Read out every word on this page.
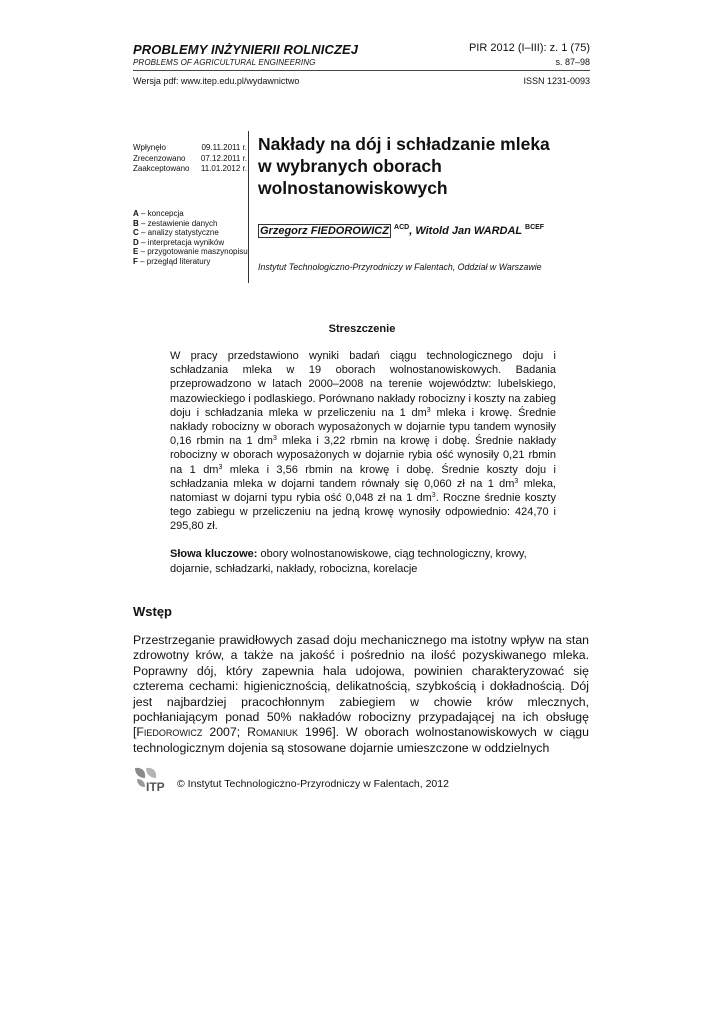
PROBLEMY INŻYNIERII ROLNICZEJ
PROBLEMS OF AGRICULTURAL ENGINEERING
PIR 2012 (I–III): z. 1 (75)
s. 87–98
Wersja pdf: www.itep.edu.pl/wydawnictwo	ISSN 1231-0093
Wpłynęło	09.11.2011 r.
Zrecenzowano 07.12.2011 r.
Zaakceptowano 11.01.2012 r.
A – koncepcja
B – zestawienie danych
C – analizy statystyczne
D – interpretacja wyników
E – przygotowanie maszynopisu
F – przegląd literatury
Nakłady na dój i schładzanie mleka
w wybranych oborach
wolnostanowiskowych
Grzegorz FIEDOROWICZ $^{ACD}$, Witold Jan WARDAL $^{BCEF}$
Instytut Technologiczno-Przyrodniczy w Falentach, Oddział w Warszawie
Streszczenie

W pracy przedstawiono wyniki badań ciągu technologicznego doju i schładzania mleka w 19 oborach wolnostanowiskowych. Badania przeprowadzono w latach 2000–2008 na terenie województw: lubelskiego, mazowieckiego i podlaskiego. Porównano nakłady robocizny i koszty na zabieg doju i schładzania mleka w przeliczeniu na 1 $dm^3$ mleka i krowę. Średnie nakłady robocizny w oborach wyposażonych w dojarnie typu tandem wynosiły 0,16 rbmin na 1 $dm^3$ mleka i 3,22 rbmin na krowę i dobę. Średnie nakłady robocizny w oborach wyposażonych w dojarnie rybia ość wynosiły 0,21 rbmin na 1 $dm^3$ mleka i 3,56 rbmin na krowę i dobę. Średnie koszty doju i schładzania mleka w dojarni tandem równały się 0,060 zł na 1 $dm^3$ mleka, natomiast w dojarni typu rybia ość 0,048 zł na 1 $dm^3$. Roczne średnie koszty tego zabiegu w przeliczeniu na jedną krowę wynosiły odpowiednio: 424,70 i 295,80 zł.

Słowa kluczowe: obory wolnostanowiskowe, ciąg technologiczny, krowy, dojarnie, schładzarki, nakłady, robocizna, korelacje
Wstęp

Przestrzeganie prawidłowych zasad doju mechanicznego ma istotny wpływ na stan zdrowotny krów, a także na jakość i pośrednio na ilość pozyskiwanego mleka. Poprawny dój, który zapewnia hala udojowa, powinien charakteryzować się czterema cechami: higienicznością, delikatnością, szybkością i dokładnością. Dój jest najbardziej pracochłonnym zabiegiem w chowie krów mlecznych, pochłaniającym ponad 50% nakładów robocizny przypadającej na ich obsługę [Fiedorowicz 2007; Romaniuk 1996]. W oborach wolnostanowiskowych w ciągu technologicznym dojenia są stosowane dojarnie umieszczone w oddzielnych

ITP © Instytut Technologiczno-Przyrodniczy w Falentach, 2012
